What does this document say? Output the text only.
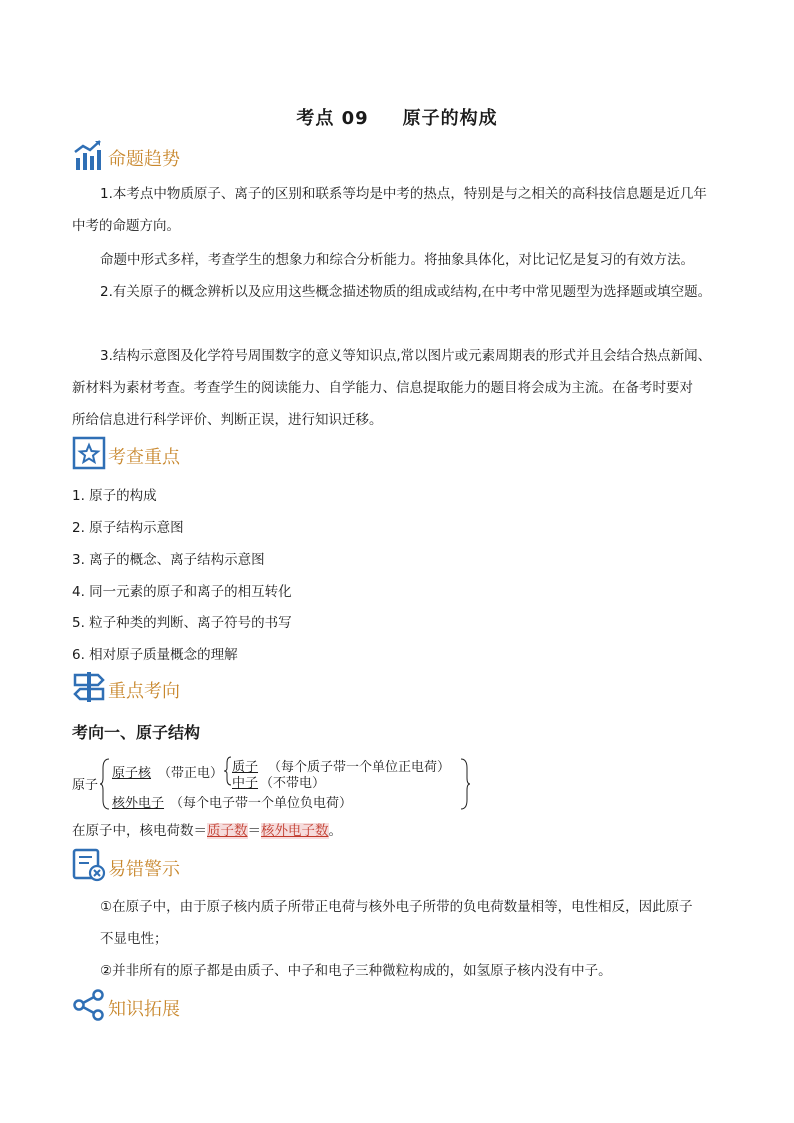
考点 09 原子的构成
命题趋势
1.本考点中物质原子、离子的区别和联系等均是中考的热点，特别是与之相关的高科技信息题是近几年
中考的命题方向。
命题中形式多样，考查学生的想象力和综合分析能力。将抽象具体化，对比记忆是复习的有效方法。
2.有关原子的概念辨析以及应用这些概念描述物质的组成或结构,在中考中常见题型为选择题或填空题。
3.结构示意图及化学符号周围数字的意义等知识点,常以图片或元素周期表的形式并且会结合热点新闻、
新材料为素材考查。考查学生的阅读能力、自学能力、信息提取能力的题目将会成为主流。在备考时要对
所给信息进行科学评价、判断正误，进行知识迁移。
考查重点
1. 原子的构成
2. 原子结构示意图
3. 离子的概念、离子结构示意图
4. 同一元素的原子和离子的相互转化
5. 粒子种类的判断、离子符号的书写
6. 相对原子质量概念的理解
重点考向
考向一、原子结构
原子
原子核 （带正电） 质子 （每个质子带一个单位正电荷）
中子 （不带电）
核外电子 （每个电子带一个单位负电荷）
在原子中，核电荷数＝质子数＝核外电子数。
易错警示
①在原子中，由于原子核内质子所带正电荷与核外电子所带的负电荷数量相等，电性相反，因此原子
不显电性；
②并非所有的原子都是由质子、中子和电子三种微粒构成的，如氢原子核内没有中子。
知识拓展
